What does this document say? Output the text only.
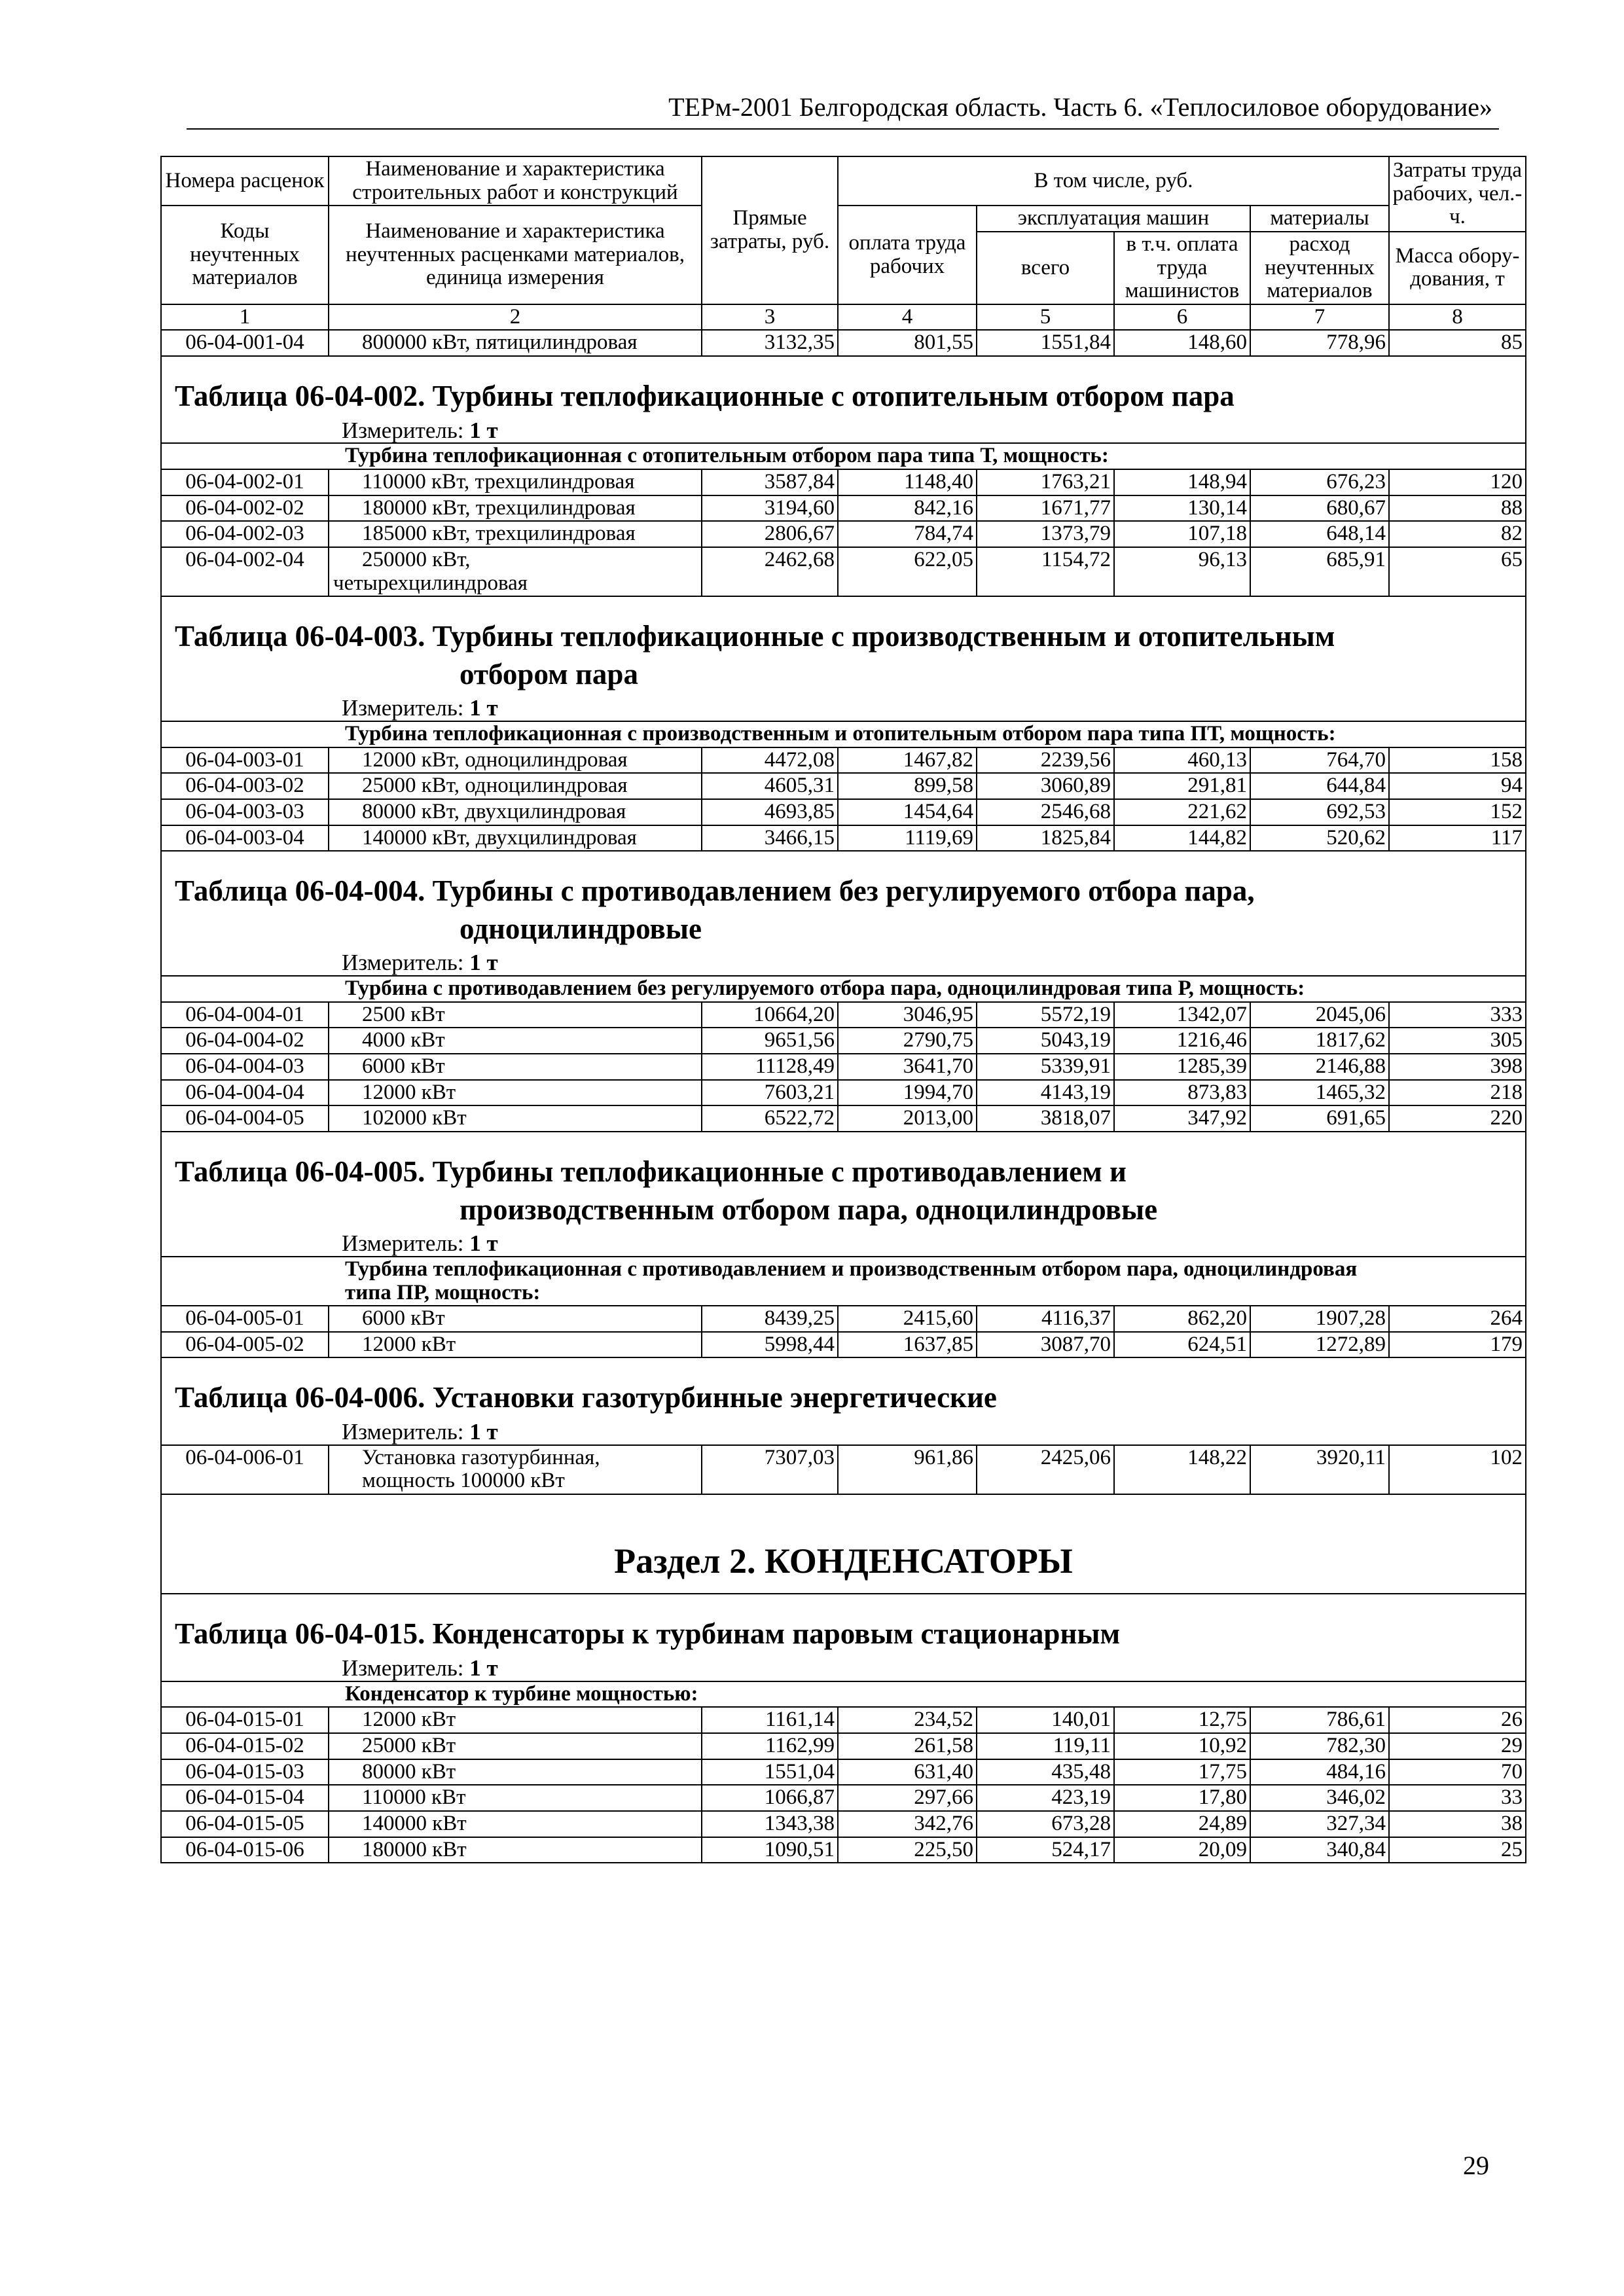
ТЕРм-2001 Белгородская область. Часть 6. «Теплосиловое оборудование»
Номера расценок	Наименование и характеристика строительных работ и конструкций	Прямые затраты, руб.	В том числе, руб.				Затраты труда рабочих, чел.-ч.
Коды неучтенных материалов	Наименование и характеристика неучтенных расценками материалов, единица измерения		оплата труда рабочих	эксплуатация машин		материалы	
				всего	в т.ч. оплата труда машинистов	расход неучтенных материалов	
							Масса обору-дования, т
1	2	3	4	5	6	7	8
06-04-001-04	800000 кВт, пятицилиндровая	3132,35	801,55	1551,84	148,60	778,96	85

Таблица 06-04-002. Турбины теплофикационные с отопительным отбором пара
Измеритель: 1 т							

Турбина теплофикационная с отопительным отбором пара типа Т, мощность:							
06-04-002-01	110000 кВт, трехцилиндровая	3587,84	1148,40	1763,21	148,94	676,23	120
06-04-002-02	180000 кВт, трехцилиндровая	3194,60	842,16	1671,77	130,14	680,67	88
06-04-002-03	185000 кВт, трехцилиндровая	2806,67	784,74	1373,79	107,18	648,14	82
06-04-002-04	250000 кВт,
четырехцилиндровая	2462,68	622,05	1154,72	96,13	685,91	65

Таблица 06-04-003. Турбины теплофикационные с производственным и отопительным
отбором пара
Измеритель: 1 т							

Турбина теплофикационная с производственным и отопительным отбором пара типа ПТ, мощность:							
06-04-003-01	12000 кВт, одноцилиндровая	4472,08	1467,82	2239,56	460,13	764,70	158
06-04-003-02	25000 кВт, одноцилиндровая	4605,31	899,58	3060,89	291,81	644,84	94
06-04-003-03	80000 кВт, двухцилиндровая	4693,85	1454,64	2546,68	221,62	692,53	152
06-04-003-04	140000 кВт, двухцилиндровая	3466,15	1119,69	1825,84	144,82	520,62	117

Таблица 06-04-004. Турбины с противодавлением без регулируемого отбора пара,
одноцилиндровые
Измеритель: 1 т							

Турбина с противодавлением без регулируемого отбора пара, одноцилиндровая типа Р, мощность:							
06-04-004-01	2500 кВт	10664,20	3046,95	5572,19	1342,07	2045,06	333
06-04-004-02	4000 кВт	9651,56	2790,75	5043,19	1216,46	1817,62	305
06-04-004-03	6000 кВт	11128,49	3641,70	5339,91	1285,39	2146,88	398
06-04-004-04	12000 кВт	7603,21	1994,70	4143,19	873,83	1465,32	218
06-04-004-05	102000 кВт	6522,72	2013,00	3818,07	347,92	691,65	220

Таблица 06-04-005. Турбины теплофикационные с противодавлением и
производственным отбором пара, одноцилиндровые
Измеритель: 1 т							

Турбина теплофикационная с противодавлением и производственным отбором пара, одноцилиндровая
типа ПР, мощность:							
06-04-005-01	6000 кВт	8439,25	2415,60	4116,37	862,20	1907,28	264
06-04-005-02	12000 кВт	5998,44	1637,85	3087,70	624,51	1272,89	179

Таблица 06-04-006. Установки газотурбинные энергетические
Измеритель: 1 т							

06-04-006-01	Установка газотурбинная,
мощность 100000 кВт	7307,03	961,86	2425,06	148,22	3920,11	102

Раздел 2. КОНДЕНСАТОРЫ							

Таблица 06-04-015. Конденсаторы к турбинам паровым стационарным
Измеритель: 1 т							

Конденсатор к турбине мощностью:							
06-04-015-01	12000 кВт	1161,14	234,52	140,01	12,75	786,61	26
06-04-015-02	25000 кВт	1162,99	261,58	119,11	10,92	782,30	29
06-04-015-03	80000 кВт	1551,04	631,40	435,48	17,75	484,16	70
06-04-015-04	110000 кВт	1066,87	297,66	423,19	17,80	346,02	33
06-04-015-05	140000 кВт	1343,38	342,76	673,28	24,89	327,34	38
06-04-015-06	180000 кВт	1090,51	225,50	524,17	20,09	340,84	25
29
